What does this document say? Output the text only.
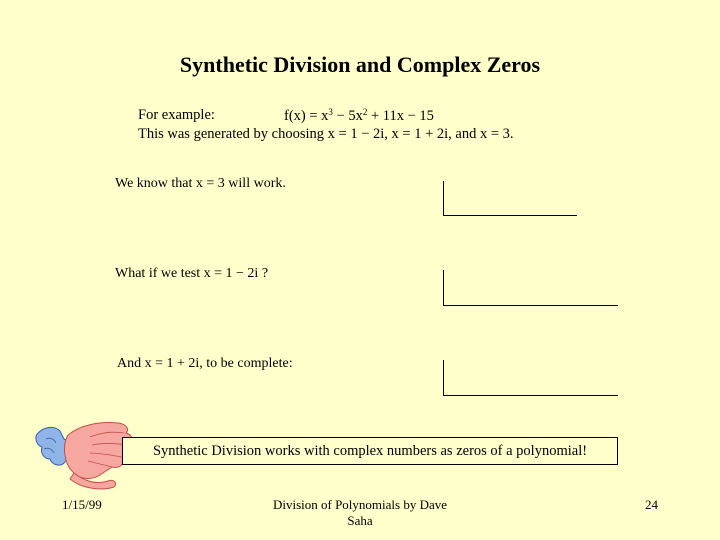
Synthetic Division and Complex Zeros
For example:	$f(x) = x^3 - 5x^2 + 11x - 15$
This was generated by choosing x = 1 − 2i, x = 1 + 2i, and x = 3.
We know that x = 3 will work.
What if we test x = 1 − 2i ?
And x = 1 + 2i, to be complete:
Synthetic Division works with complex numbers as zeros of a polynomial!
1/15/99	Division of Polynomials by Dave
Saha
24
